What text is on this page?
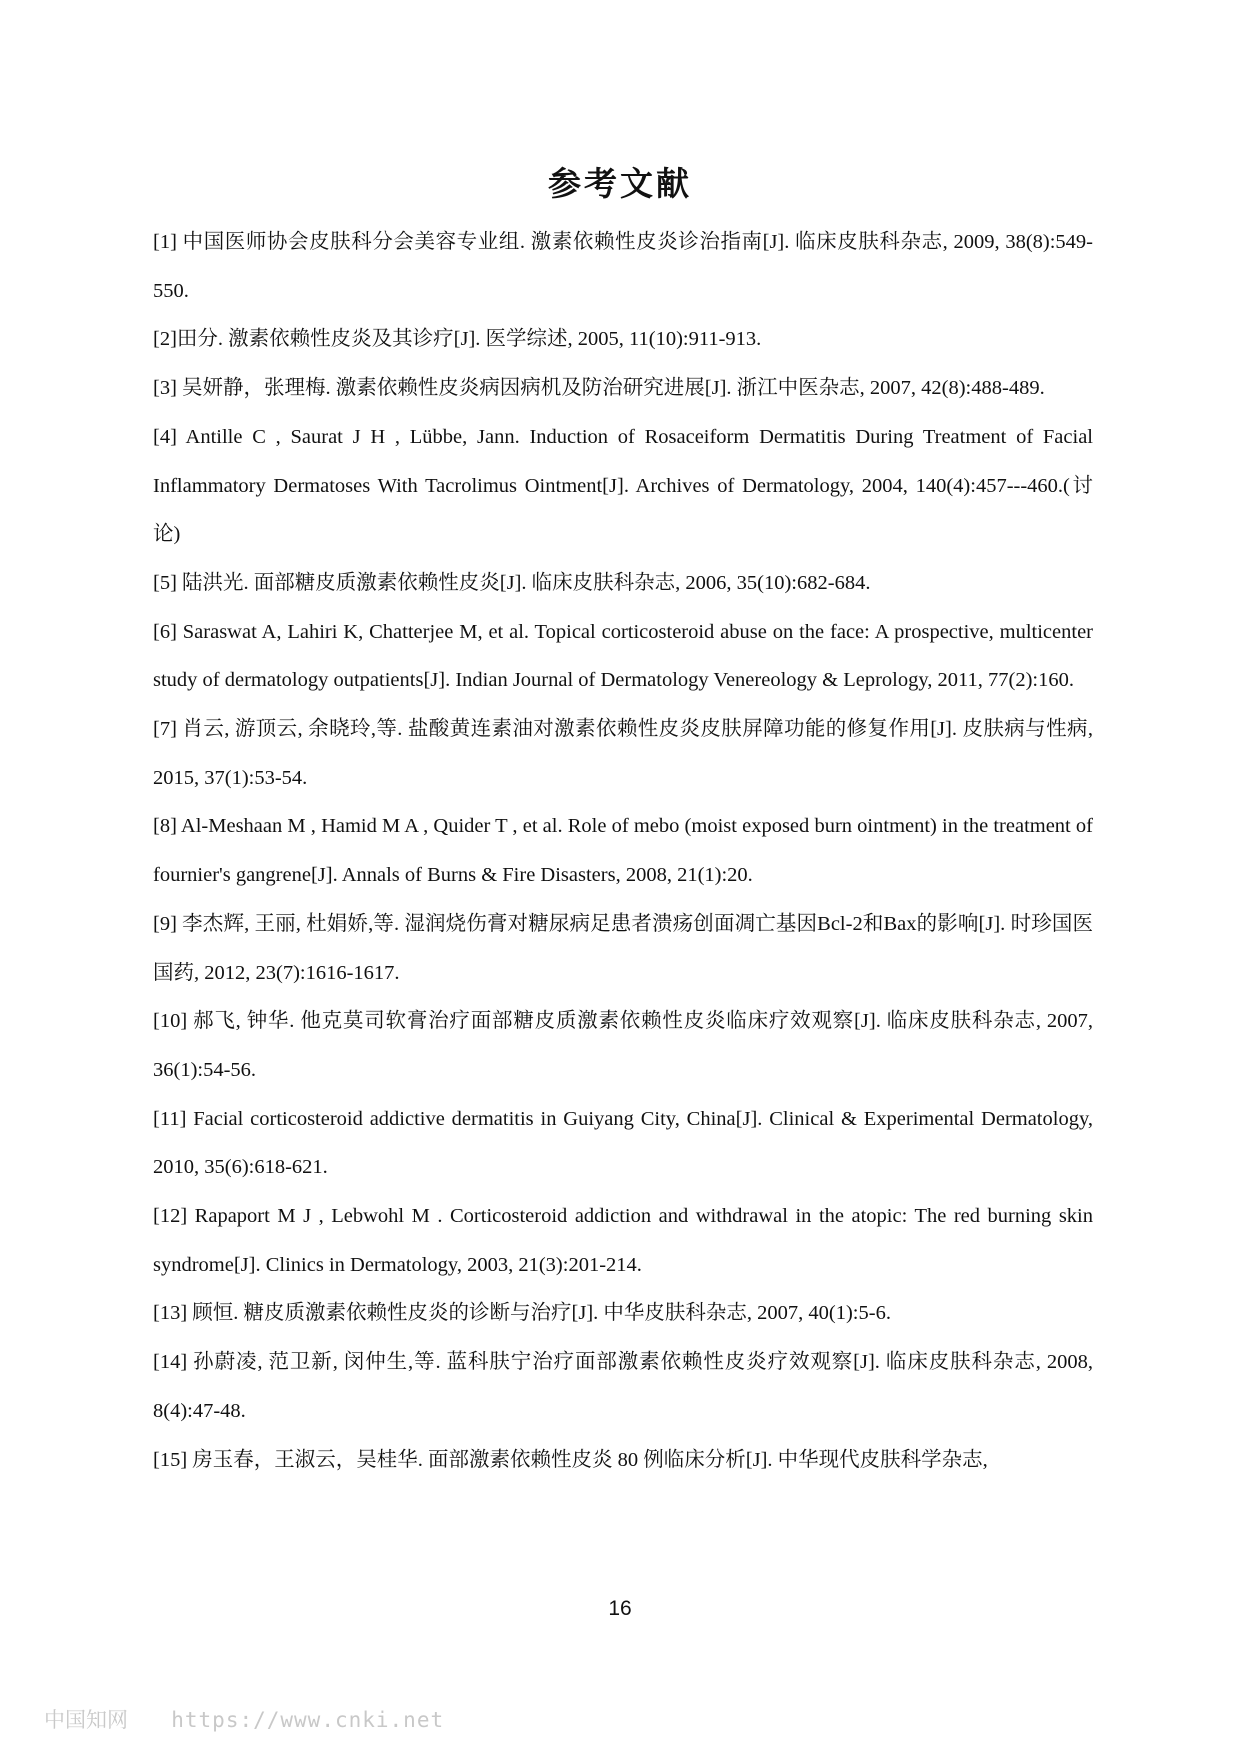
参考文献
[1] 中国医师协会皮肤科分会美容专业组. 激素依赖性皮炎诊治指南[J]. 临床皮肤科杂志, 2009, 38(8):549-550.
[2]田分. 激素依赖性皮炎及其诊疗[J]. 医学综述, 2005, 11(10):911-913.
[3] 吴妍静，张理梅. 激素依赖性皮炎病因病机及防治研究进展[J]. 浙江中医杂志, 2007, 42(8):488-489.
[4] Antille C , Saurat J H , Lübbe, Jann. Induction of Rosaceiform Dermatitis During Treatment of Facial Inflammatory Dermatoses With Tacrolimus Ointment[J]. Archives of Dermatology, 2004, 140(4):457---460.(讨论)
[5] 陆洪光. 面部糖皮质激素依赖性皮炎[J]. 临床皮肤科杂志, 2006, 35(10):682-684.
[6] Saraswat A, Lahiri K, Chatterjee M, et al. Topical corticosteroid abuse on the face: A prospective, multicenter study of dermatology outpatients[J]. Indian Journal of Dermatology Venereology & Leprology, 2011, 77(2):160.
[7] 肖云, 游顶云, 余晓玲,等. 盐酸黄连素油对激素依赖性皮炎皮肤屏障功能的修复作用[J]. 皮肤病与性病, 2015, 37(1):53-54.
[8] Al-Meshaan M , Hamid M A , Quider T , et al. Role of mebo (moist exposed burn ointment) in the treatment of fournier's gangrene[J]. Annals of Burns & Fire Disasters, 2008, 21(1):20.
[9] 李杰辉, 王丽, 杜娟娇,等. 湿润烧伤膏对糖尿病足患者溃疡创面凋亡基因Bcl-2和Bax的影响[J]. 时珍国医国药, 2012, 23(7):1616-1617.
[10] 郝飞, 钟华. 他克莫司软膏治疗面部糖皮质激素依赖性皮炎临床疗效观察[J]. 临床皮肤科杂志, 2007, 36(1):54-56.
[11] Facial corticosteroid addictive dermatitis in Guiyang City, China[J]. Clinical & Experimental Dermatology, 2010, 35(6):618-621.
[12] Rapaport M J , Lebwohl M . Corticosteroid addiction and withdrawal in the atopic: The red burning skin syndrome[J]. Clinics in Dermatology, 2003, 21(3):201-214.
[13] 顾恒. 糖皮质激素依赖性皮炎的诊断与治疗[J]. 中华皮肤科杂志, 2007, 40(1):5-6.
[14] 孙蔚凌, 范卫新, 闵仲生,等. 蓝科肤宁治疗面部激素依赖性皮炎疗效观察[J]. 临床皮肤科杂志, 2008, 8(4):47-48.
[15] 房玉春，王淑云，吴桂华. 面部激素依赖性皮炎 80 例临床分析[J]. 中华现代皮肤科学杂志,
16
中国知网 https://www.cnki.net
